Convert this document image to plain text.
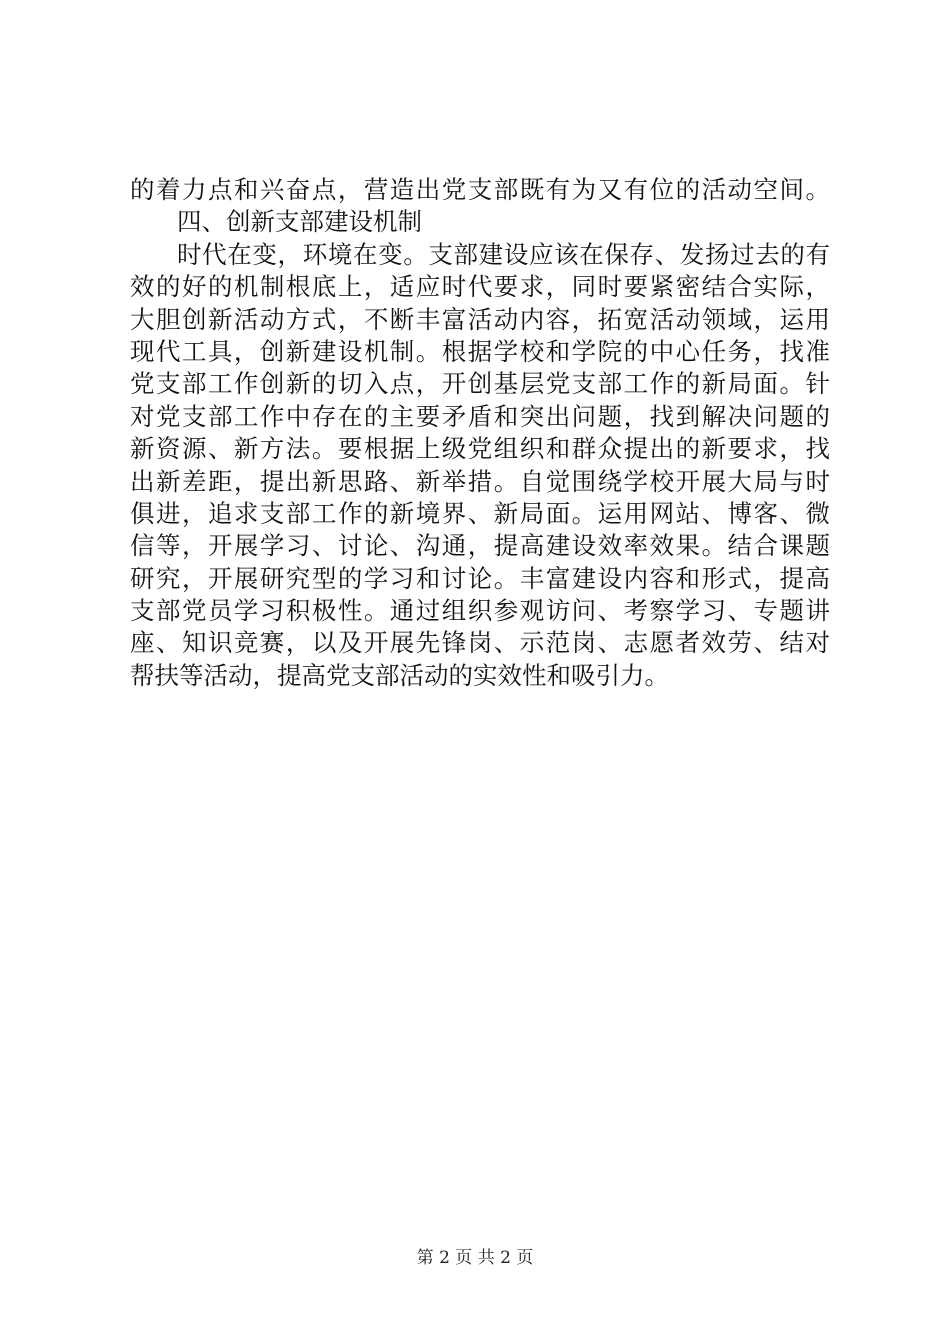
的着力点和兴奋点，营造出党支部既有为又有位的活动空间。
四、创新支部建设机制
时代在变，环境在变。支部建设应该在保存、发扬过去的有
效的好的机制根底上，适应时代要求，同时要紧密结合实际，
大胆创新活动方式，不断丰富活动内容，拓宽活动领域，运用
现代工具，创新建设机制。根据学校和学院的中心任务，找准
党支部工作创新的切入点，开创基层党支部工作的新局面。针
对党支部工作中存在的主要矛盾和突出问题，找到解决问题的
新资源、新方法。要根据上级党组织和群众提出的新要求，找
出新差距，提出新思路、新举措。自觉围绕学校开展大局与时
俱进，追求支部工作的新境界、新局面。运用网站、博客、微
信等，开展学习、讨论、沟通，提高建设效率效果。结合课题
研究，开展研究型的学习和讨论。丰富建设内容和形式，提高
支部党员学习积极性。通过组织参观访问、考察学习、专题讲
座、知识竞赛，以及开展先锋岗、示范岗、志愿者效劳、结对
帮扶等活动，提高党支部活动的实效性和吸引力。
第 2 页 共 2 页
